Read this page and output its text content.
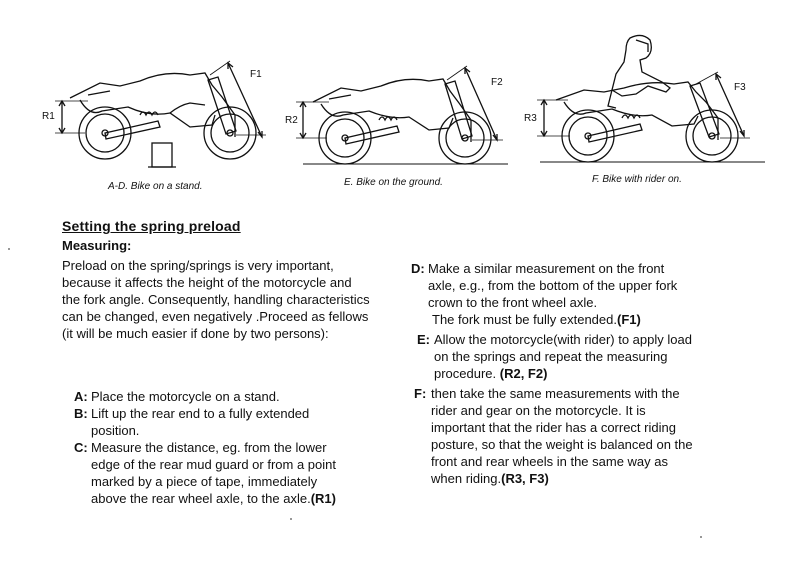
R1
F1
A-D. Bike on a stand.
R2
F2
E. Bike on the ground.
R3
F3
F. Bike with rider on.
Setting the spring preload
Measuring:
Preload on the spring/springs is very important, because it affects the height of the motorcycle and the fork angle. Consequently, handling characteristics can be changed, even negatively .Proceed as fellows (it will be much easier if done by two persons):
A: Place the motorcycle on a stand.
B: Lift up the rear end to a fully extended position.
C: Measure the distance, eg. from the lower edge of the rear mud guard or from a point marked by a piece of tape, immediately above the rear wheel axle, to the axle.(R1)
D: Make a similar measurement on the front axle, e.g., from the bottom of the upper fork crown to the front wheel axle.
The fork must be fully extended.(F1)
E: Allow the motorcycle(with rider) to apply load on the springs and repeat the measuring procedure. (R2, F2)
F: then take the same measurements with the rider and gear on the motorcycle. It is important that the rider has a correct riding posture, so that the weight is balanced on the front and rear wheels in the same way as when riding.(R3, F3)
